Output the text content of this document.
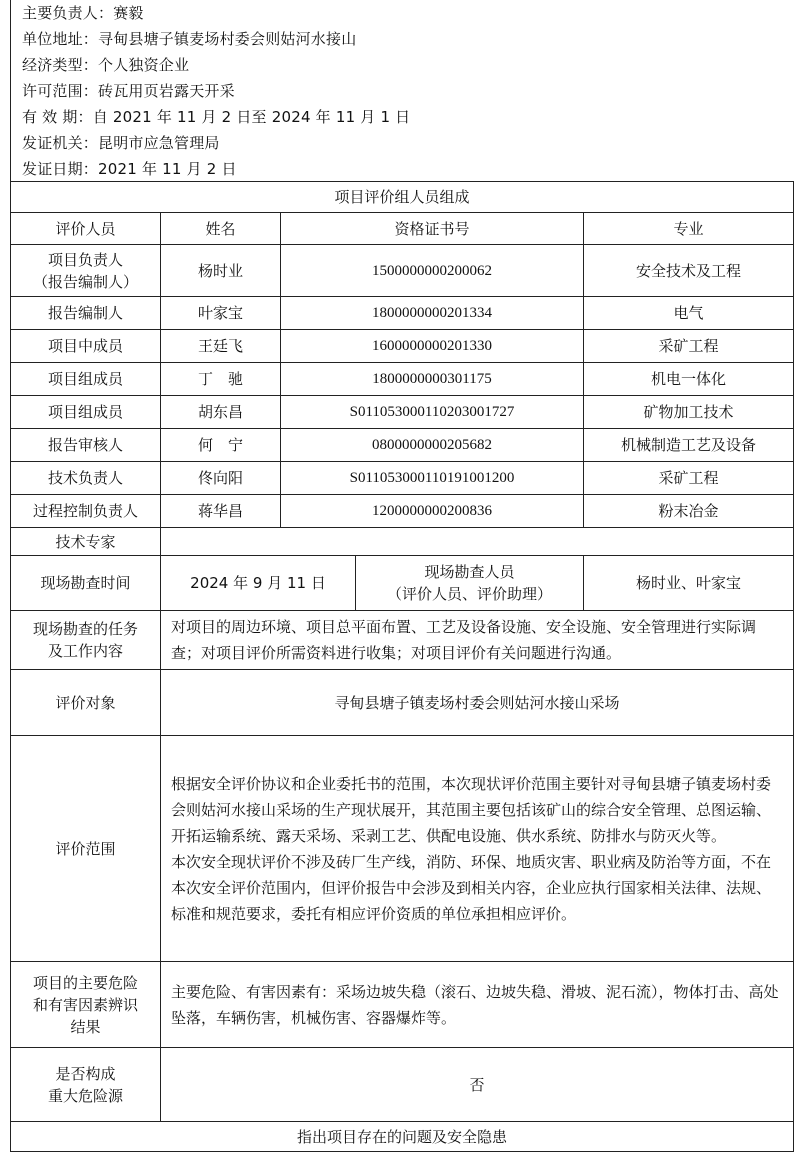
主要负责人：赛毅
单位地址：寻甸县塘子镇麦场村委会则姑河水接山
经济类型：个人独资企业
许可范围：砖瓦用页岩露天开采
有 效 期：自 2021 年 11 月 2 日至 2024 年 11 月 1 日
发证机关：昆明市应急管理局
发证日期：2021 年 11 月 2 日
项目评价组人员组成				
评价人员	姓名	资格证书号		专业
项目负责人
（报告编制人）	杨时业	1500000000200062		安全技术及工程
报告编制人	叶家宝	1800000000201334		电气
项目中成员	王廷飞	1600000000201330		采矿工程
项目组成员	丁　驰	1800000000301175		机电一体化
项目组成员	胡东昌	S011053000110203001727		矿物加工技术
报告审核人	何　宁	0800000000205682		机械制造工艺及设备
技术负责人	佟向阳	S011053000110191001200		采矿工程
过程控制负责人	蒋华昌	1200000000200836		粉末冶金
技术专家				
现场勘查时间	2024 年 9 月 11 日		现场勘查人员
（评价人员、评价助理）	杨时业、叶家宝
现场勘查的任务
及工作内容	对项目的周边环境、项目总平面布置、工艺及设备设施、安全设施、安全管理进行实际调查；对项目评价所需资料进行收集；对项目评价有关问题进行沟通。			
评价对象	寻甸县塘子镇麦场村委会则姑河水接山采场			
评价范围	根据安全评价协议和企业委托书的范围，本次现状评价范围主要针对寻甸县塘子镇麦场村委会则姑河水接山采场的生产现状展开，其范围主要包括该矿山的综合安全管理、总图运输、开拓运输系统、露天采场、采剥工艺、供配电设施、供水系统、防排水与防灭火等。
本次安全现状评价不涉及砖厂生产线，消防、环保、地质灾害、职业病及防治等方面，不在本次安全评价范围内，但评价报告中会涉及到相关内容，企业应执行国家相关法律、法规、标准和规范要求，委托有相应评价资质的单位承担相应评价。			

项目的主要危险
和有害因素辨识
结果	主要危险、有害因素有：采场边坡失稳（滚石、边坡失稳、滑坡、泥石流），物体打击、高处坠落，车辆伤害，机械伤害、容器爆炸等。			
是否构成
重大危险源	否			
指出项目存在的问题及安全隐患				
